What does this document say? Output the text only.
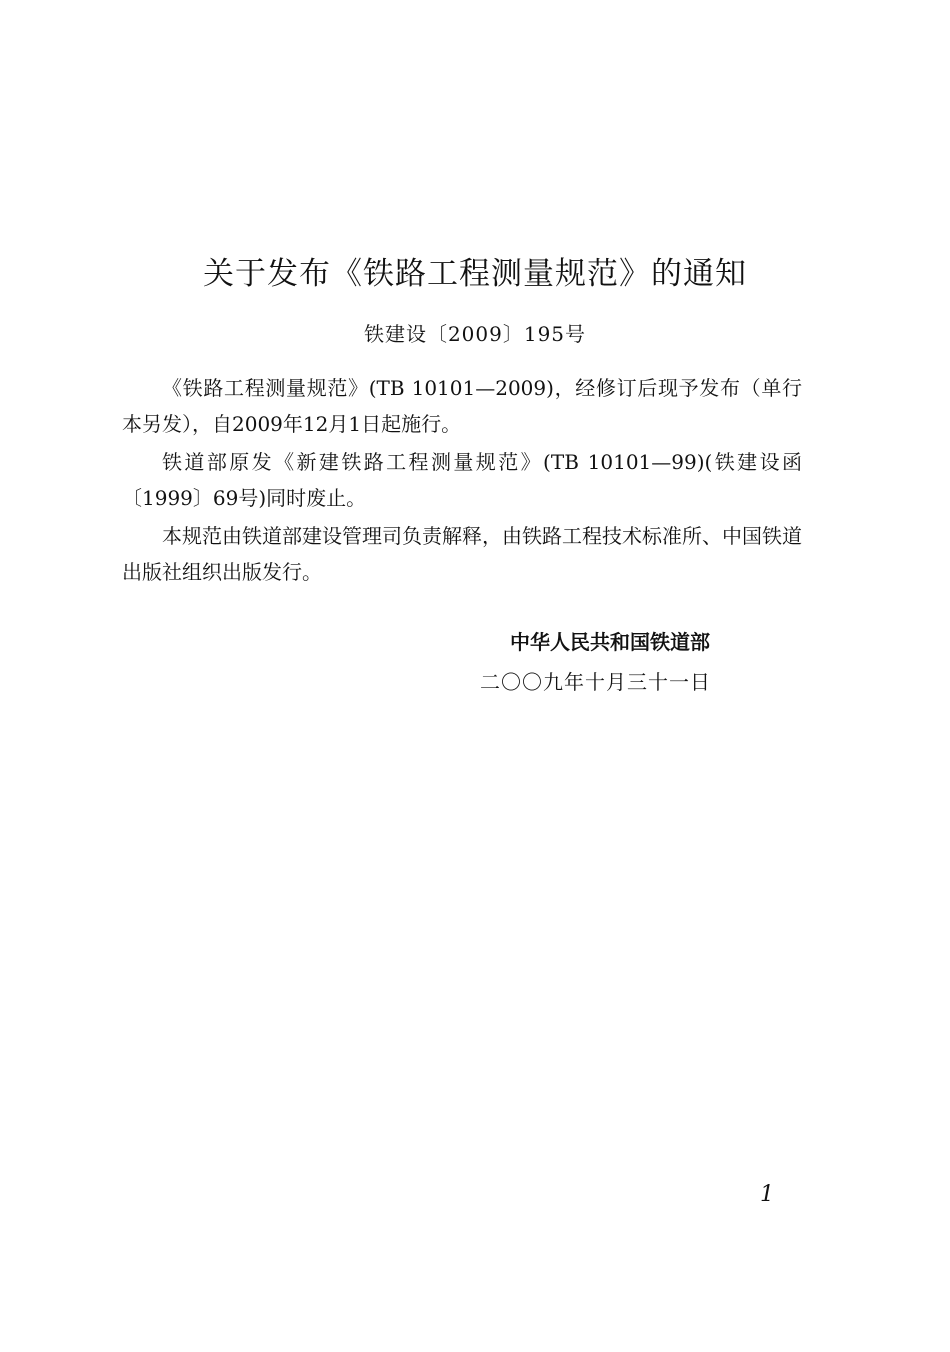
关于发布《铁路工程测量规范》的通知
铁建设〔2009〕195号

《铁路工程测量规范》(TB 10101—2009)，经修订后现予发布（单行本另发），自2009年12月1日起施行。

铁道部原发《新建铁路工程测量规范》(TB 10101—99)(铁建设函〔1999〕69号)同时废止。

本规范由铁道部建设管理司负责解释，由铁路工程技术标准所、中国铁道出版社组织出版发行。

中华人民共和国铁道部
二〇〇九年十月三十一日
1
